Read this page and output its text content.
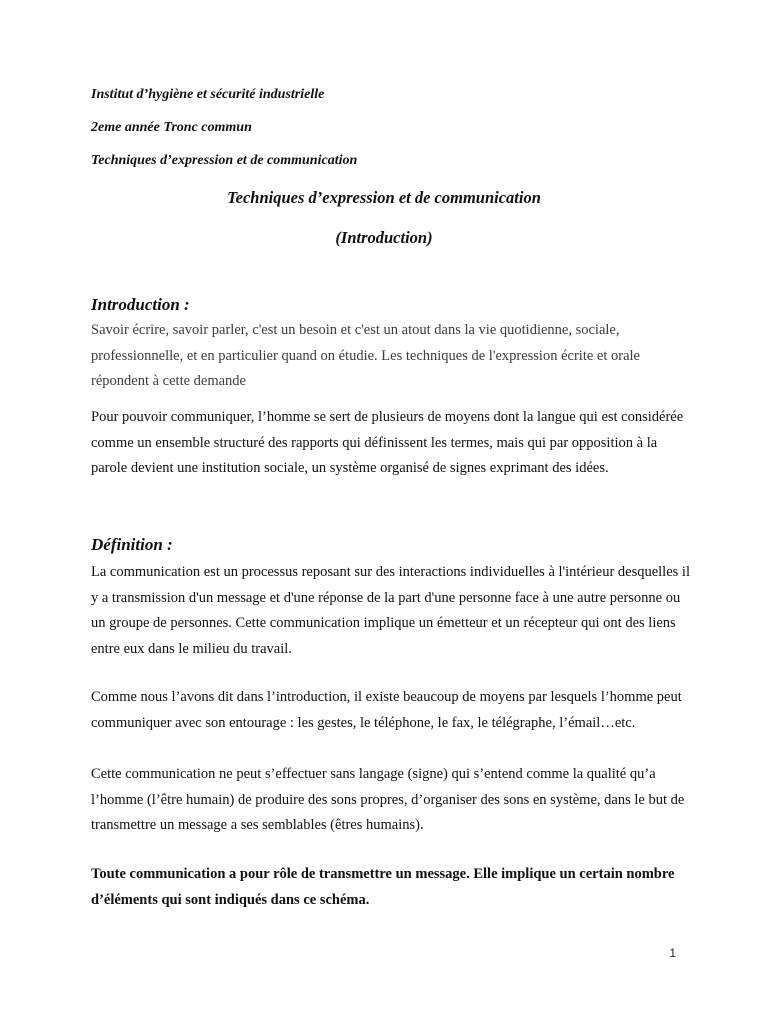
Institut d’hygiène et sécurité industrielle
2eme année Tronc commun
Techniques d’expression et de communication
Techniques d’expression et de communication
(Introduction)
Introduction :

Savoir écrire, savoir parler, c'est un besoin et c'est un atout dans la vie quotidienne, sociale, professionnelle, et en particulier quand on étudie. Les techniques de l'expression écrite et orale répondent à cette demande

Pour pouvoir communiquer, l’homme se sert de plusieurs de moyens dont la langue qui est considérée comme un ensemble structuré des rapports qui définissent les termes, mais qui par opposition à la parole devient une institution sociale, un système organisé de signes exprimant des idées.

Définition :

La communication est un processus reposant sur des interactions individuelles à l'intérieur desquelles il y a transmission d'un message et d'une réponse de la part d'une personne face à une autre personne ou un groupe de personnes. Cette communication implique un émetteur et un récepteur qui ont des liens entre eux dans le milieu du travail.

Comme nous l’avons dit dans l’introduction, il existe beaucoup de moyens par lesquels l’homme peut communiquer avec son entourage : les gestes, le téléphone, le fax, le télégraphe, l’émail…etc.

Cette communication ne peut s’effectuer sans langage (signe) qui s’entend comme la qualité qu’a l’homme (l’être humain) de produire des sons propres, d’organiser des sons en système, dans le but de transmettre un message a ses semblables (êtres humains).

Toute communication a pour rôle de transmettre un message. Elle implique un certain nombre d’éléments qui sont indiqués dans ce schéma.

1
